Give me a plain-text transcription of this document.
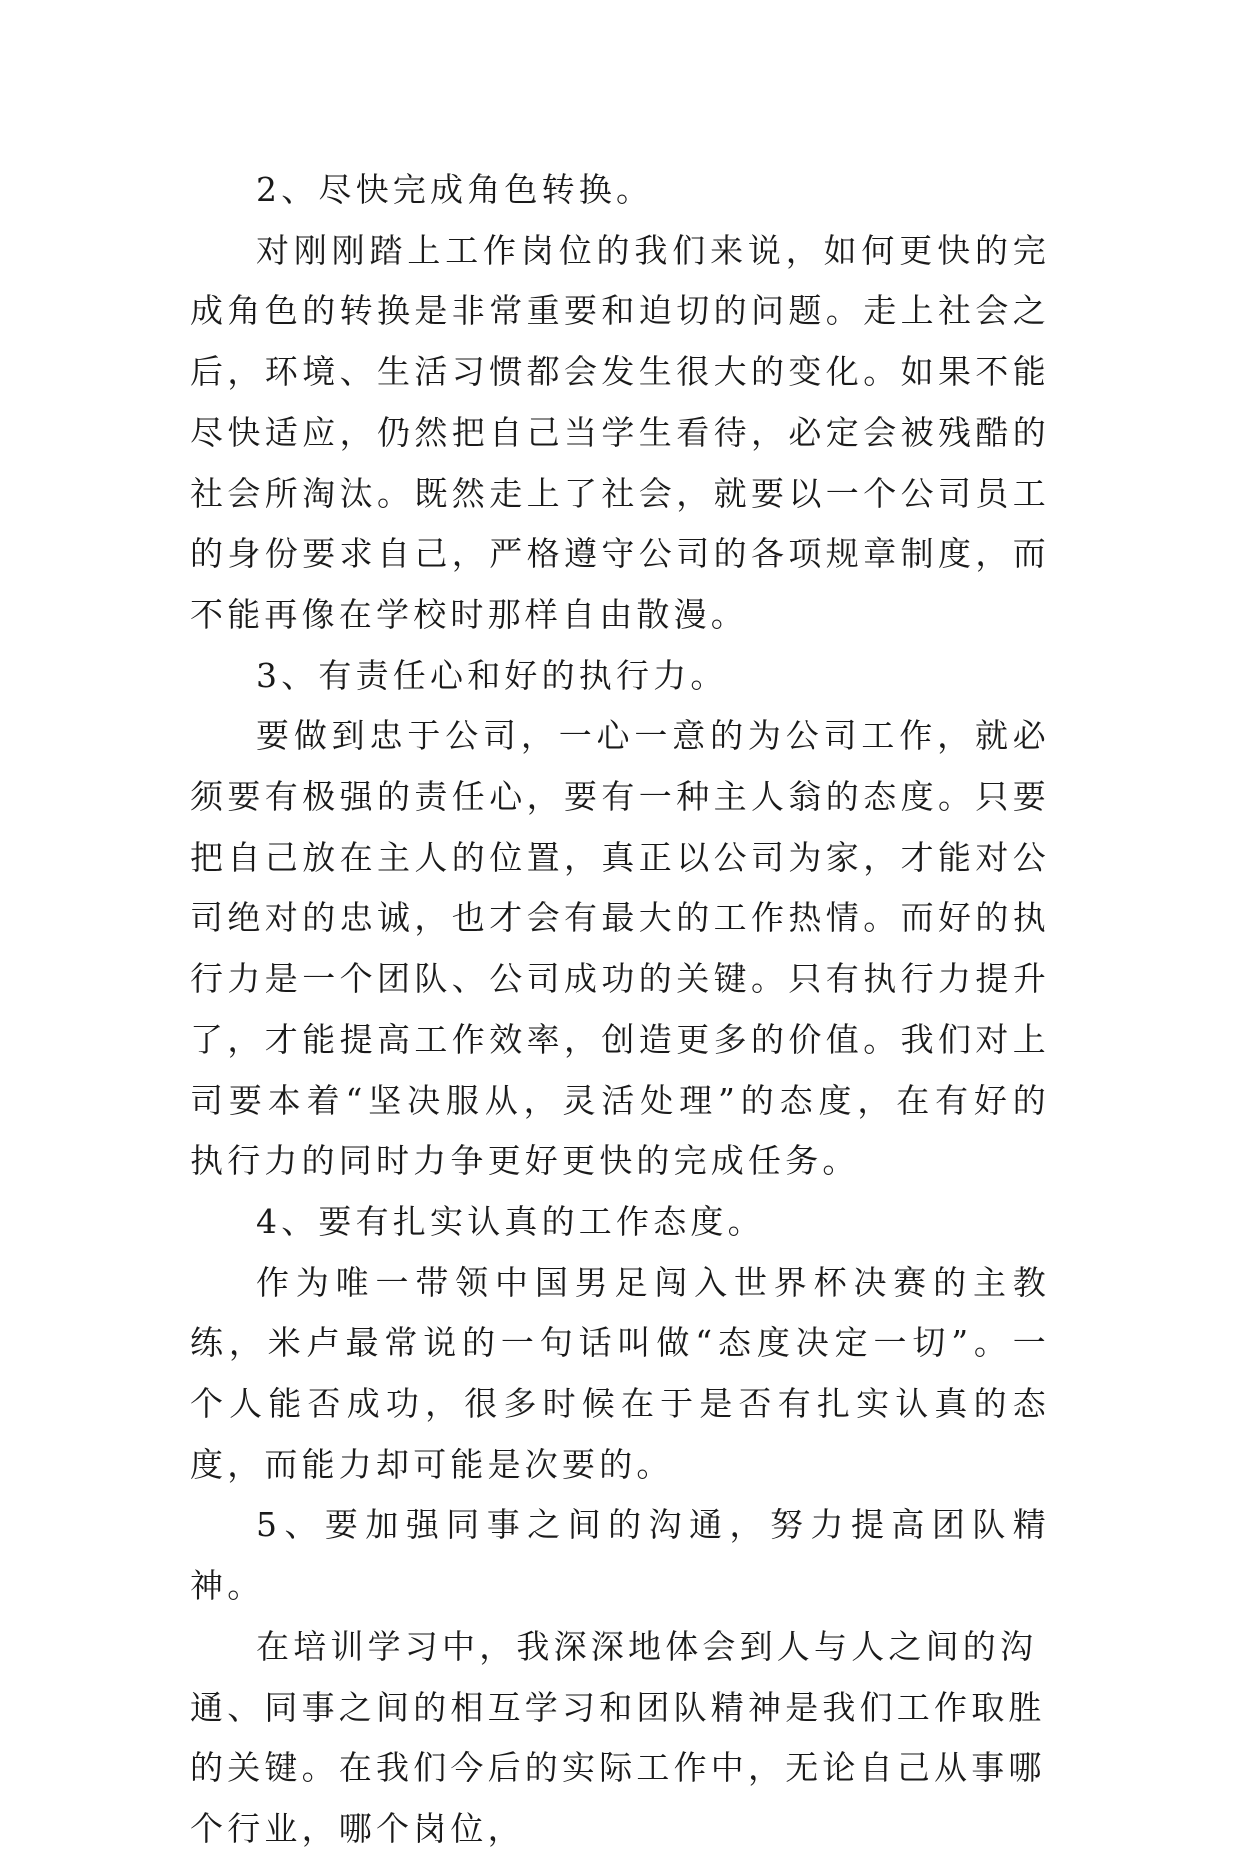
2、尽快完成角色转换。

对刚刚踏上工作岗位的我们来说，如何更快的完成角色的转换是非常重要和迫切的问题。走上社会之后，环境、生活习惯都会发生很大的变化。如果不能尽快适应，仍然把自己当学生看待，必定会被残酷的社会所淘汰。既然走上了社会，就要以一个公司员工的身份要求自己，严格遵守公司的各项规章制度，而不能再像在学校时那样自由散漫。

3、有责任心和好的执行力。

要做到忠于公司，一心一意的为公司工作，就必须要有极强的责任心，要有一种主人翁的态度。只要把自己放在主人的位置，真正以公司为家，才能对公司绝对的忠诚，也才会有最大的工作热情。而好的执行力是一个团队、公司成功的关键。只有执行力提升了，才能提高工作效率，创造更多的价值。我们对上司要本着“坚决服从，灵活处理”的态度，在有好的执行力的同时力争更好更快的完成任务。

4、要有扎实认真的工作态度。

作为唯一带领中国男足闯入世界杯决赛的主教练，米卢最常说的一句话叫做“态度决定一切”。一个人能否成功，很多时候在于是否有扎实认真的态度，而能力却可能是次要的。

5、要加强同事之间的沟通，努力提高团队精神。

在培训学习中，我深深地体会到人与人之间的沟通、同事之间的相互学习和团队精神是我们工作取胜的关键。在我们今后的实际工作中，无论自己从事哪个行业，哪个岗位，
